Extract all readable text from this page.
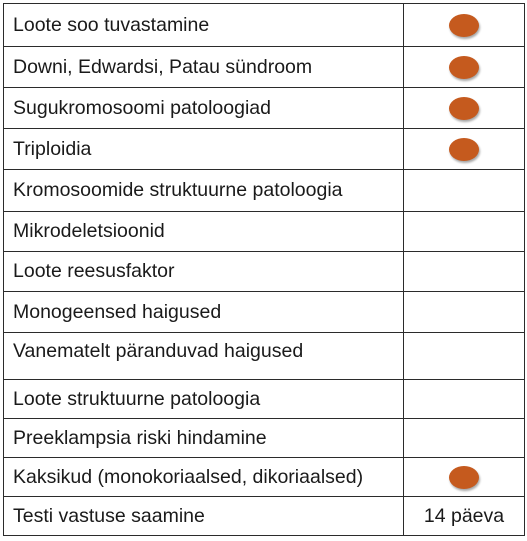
Loote soo tuvastamine	
Downi, Edwardsi, Patau sündroom	
Sugukromosoomi patoloogiad	
Triploidia	
Kromosoomide struktuurne patoloogia	
Mikrodeletsioonid	
Loote reesusfaktor	
Monogeensed haigused	
Vanematelt päranduvad haigused	
Loote struktuurne patoloogia	
Preeklampsia riski hindamine	
Kaksikud (monokoriaalsed, dikoriaalsed)	
Testi vastuse saamine	14 päeva
